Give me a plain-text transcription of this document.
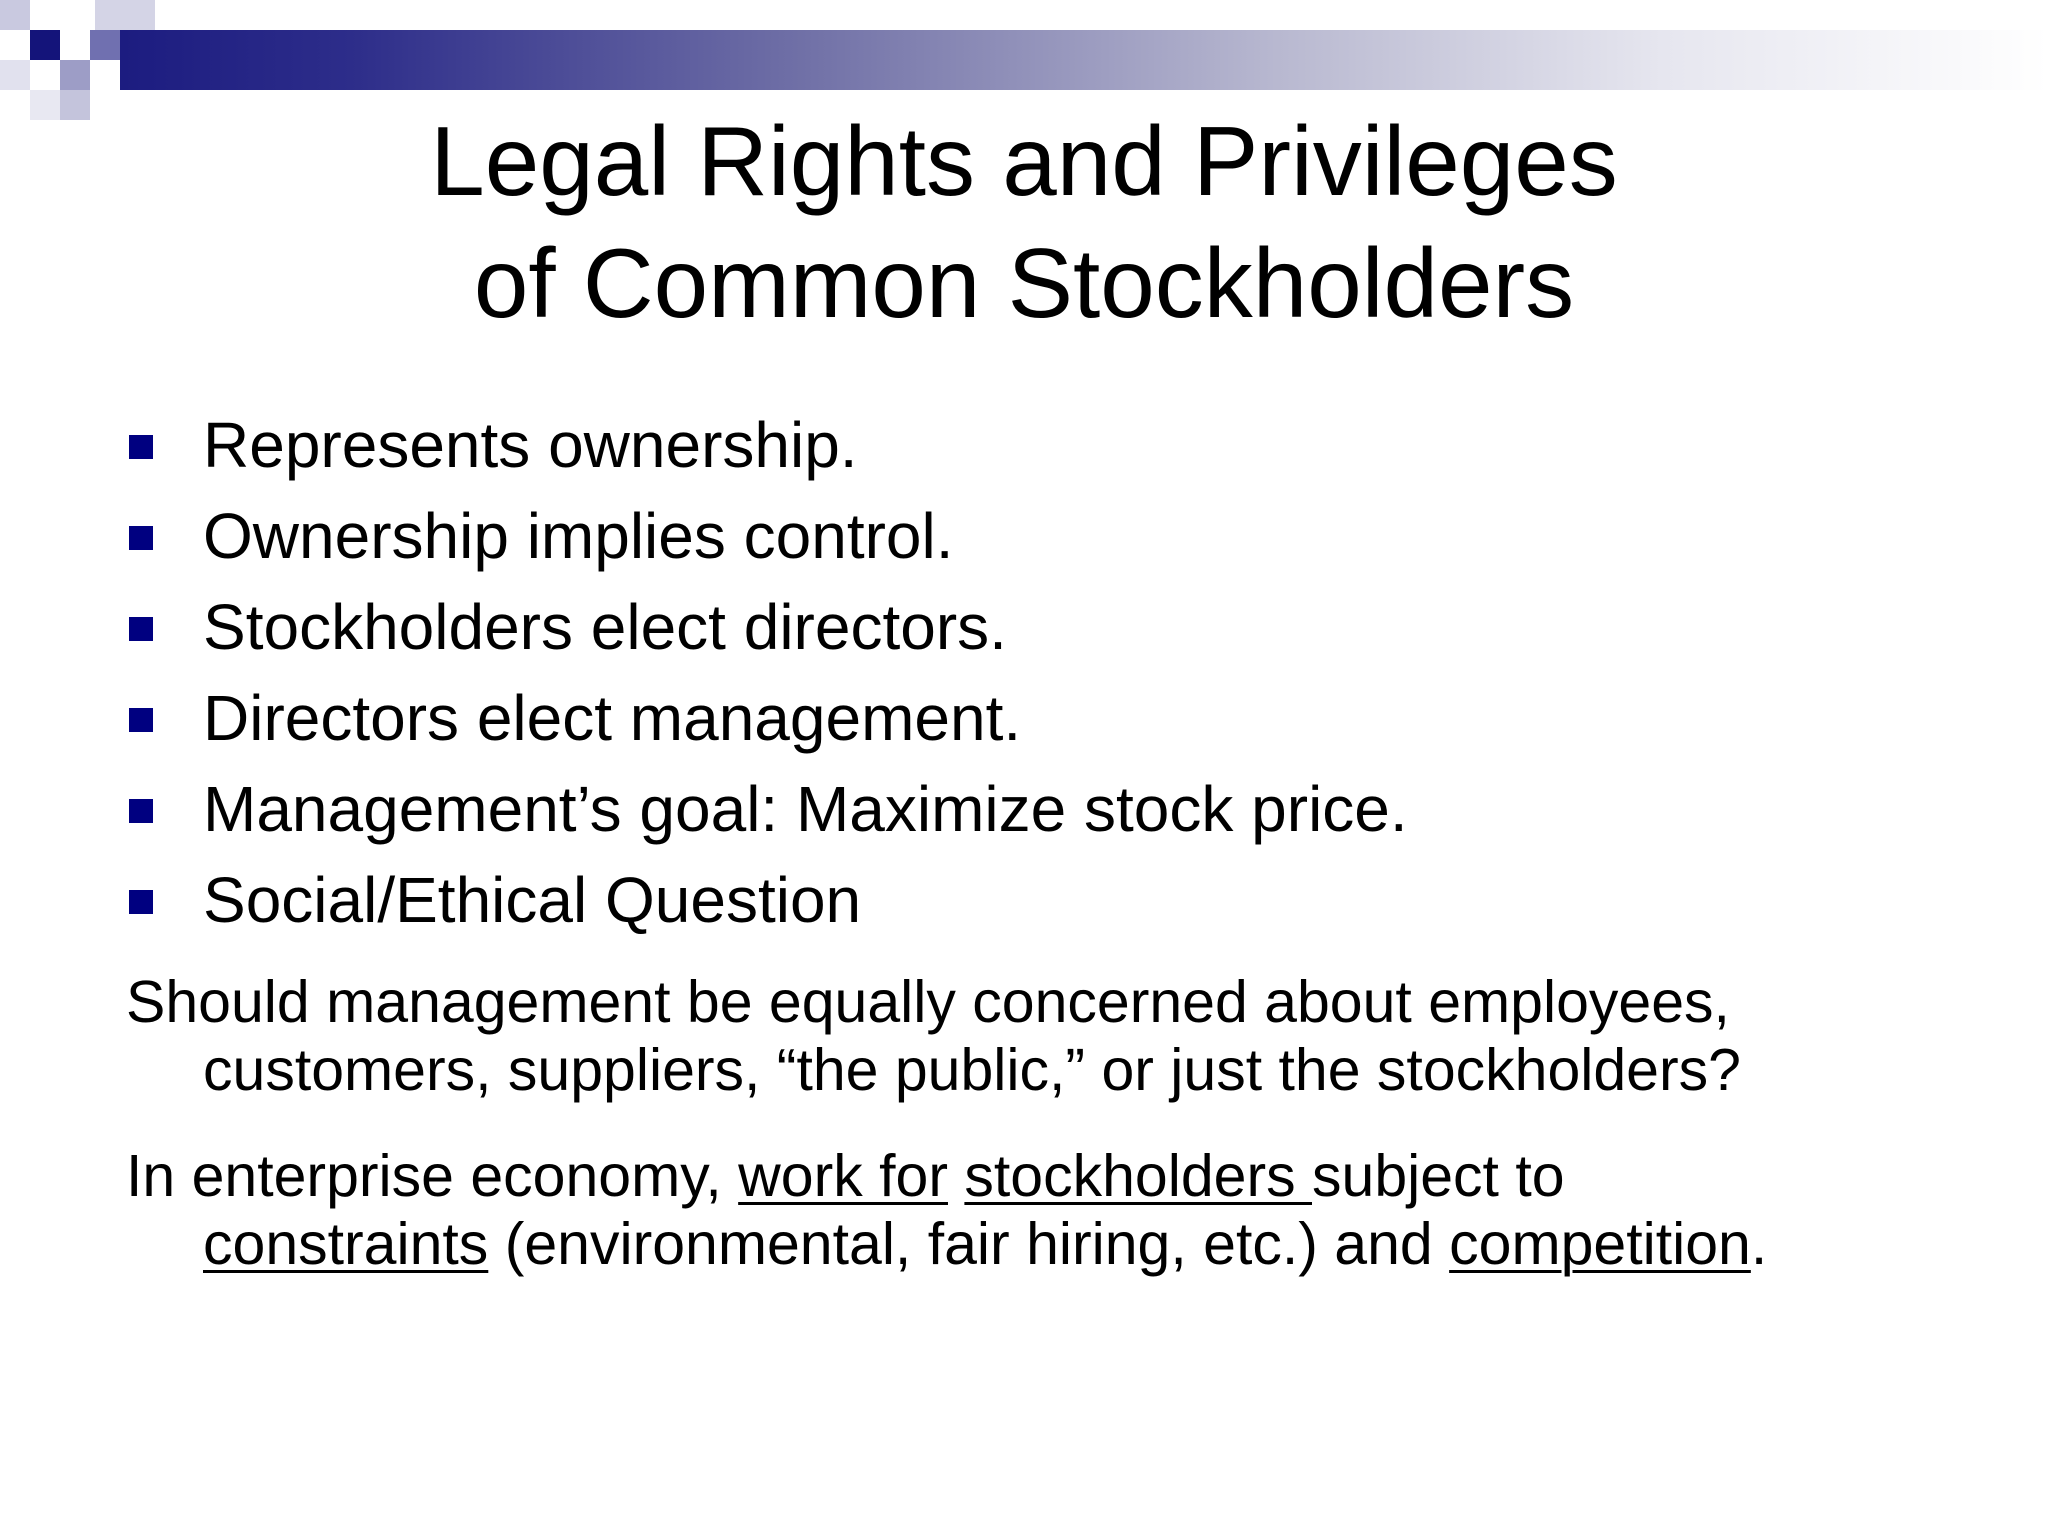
Legal Rights and Privileges
of Common Stockholders
Represents ownership.
Ownership implies control.
Stockholders elect directors.
Directors elect management.
Management’s goal: Maximize stock price.
Social/Ethical Question

Should management be equally concerned about employees,
customers, suppliers, “the public,” or just the stockholders?

In enterprise economy, work for stockholders subject to
constraints (environmental, fair hiring, etc.) and competition.
